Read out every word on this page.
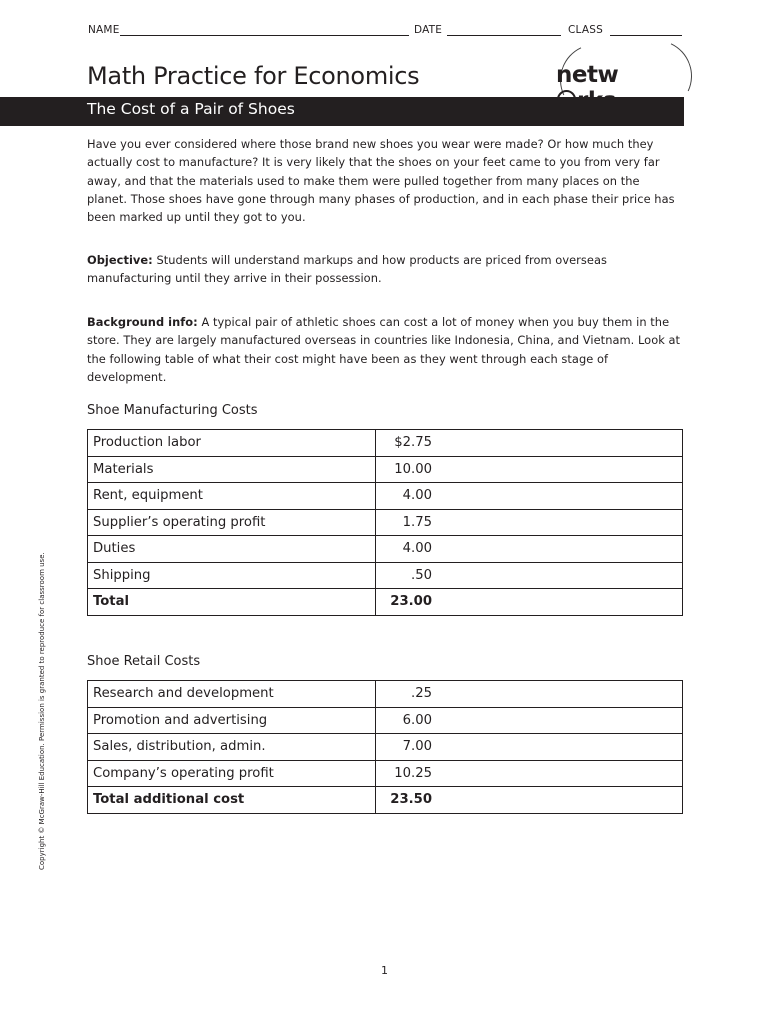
NAME	DATE	CLASS
Math Practice for Economics	netw
The Cost of a Pair of Shoes
Have you ever considered where those brand new shoes you wear were made? Or how much they actually cost to manufacture? It is very likely that the shoes on your feet came to you from very far away, and that the materials used to make them were pulled together from many places on the planet. Those shoes have gone through many phases of production, and in each phase their price has been marked up until they got to you.
Objective: Students will understand markups and how products are priced from overseas manufacturing until they arrive in their possession.
Background info: A typical pair of athletic shoes can cost a lot of money when you buy them in the store. They are largely manufactured overseas in countries like Indonesia, China, and Vietnam. Look at the following table of what their cost might have been as they went through each stage of development.
Shoe Manufacturing Costs
Production labor	$2.75	
Materials	10.00	
Rent, equipment	4.00	
Supplier’s operating profit	1.75	
Duties	4.00	
Shipping	.50	
Total	23.00	
Shoe Retail Costs
Research and development	.25	
Promotion and advertising	6.00	
Sales, distribution, admin.	7.00	
Company’s operating profit	10.25	
Total additional cost	23.50	
Copyright © McGraw-Hill Education. Permission is granted to reproduce for classroom use.
1
